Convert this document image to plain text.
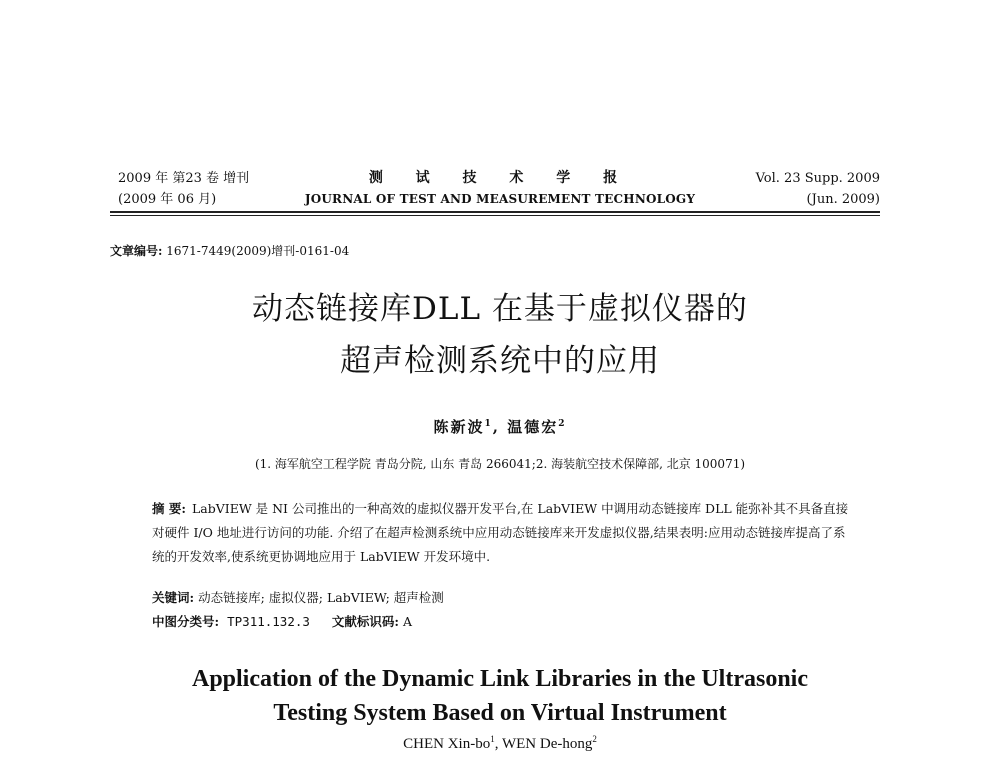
2009 年 第23 卷 增刊
(2009 年 06 月)
测 试 技 术 学 报
JOURNAL OF TEST AND MEASUREMENT TECHNOLOGY
Vol. 23 Supp. 2009
(Jun. 2009)
文章编号: 1671-7449(2009)增刊-0161-04
动态链接库DLL 在基于虚拟仪器的
超声检测系统中的应用
陈新波$^1$, 温德宏$^2$
(1. 海军航空工程学院 青岛分院, 山东 青岛 266041;2. 海装航空技术保障部, 北京 100071)
摘 要: LabVIEW 是 NI 公司推出的一种高效的虚拟仪器开发平台,在 LabVIEW 中调用动态链接库 DLL 能弥补其不具备直接对硬件 I/O 地址进行访问的功能. 介绍了在超声检测系统中应用动态链接库来开发虚拟仪器,结果表明:应用动态链接库提高了系统的开发效率,使系统更协调地应用于 LabVIEW 开发环境中.
关键词: 动态链接库; 虚拟仪器; LabVIEW; 超声检测
中图分类号: TP311.132.3 文献标识码: A
Application of the Dynamic Link Libraries in the Ultrasonic
Testing System Based on Virtual Instrument
CHEN Xin-$bo^1$, WEN De-hong$^2$
